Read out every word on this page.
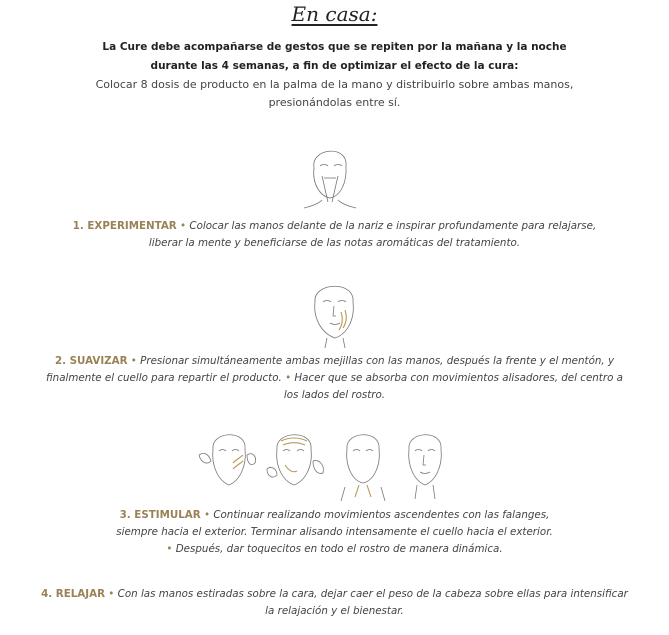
En casa:
La Cure debe acompañarse de gestos que se repiten por la mañana y la noche
durante las 4 semanas, a fin de optimizar el efecto de la cura:
Colocar 8 dosis de producto en la palma de la mano y distribuirlo sobre ambas manos,
presionándolas entre sí.
1. EXPERIMENTAR • Colocar las manos delante de la nariz e inspirar profundamente para relajarse,
liberar la mente y beneficiarse de las notas aromáticas del tratamiento.
2. SUAVIZAR • Presionar simultáneamente ambas mejillas con las manos, después la frente y el mentón, y
finalmente el cuello para repartir el producto. • Hacer que se absorba con movimientos alisadores, del centro a
los lados del rostro.
3. ESTIMULAR • Continuar realizando movimientos ascendentes con las falanges,
siempre hacia el exterior. Terminar alisando intensamente el cuello hacia el exterior.
• Después, dar toquecitos en todo el rostro de manera dinámica.
4. RELAJAR • Con las manos estiradas sobre la cara, dejar caer el peso de la cabeza sobre ellas para intensificar
la relajación y el bienestar.
